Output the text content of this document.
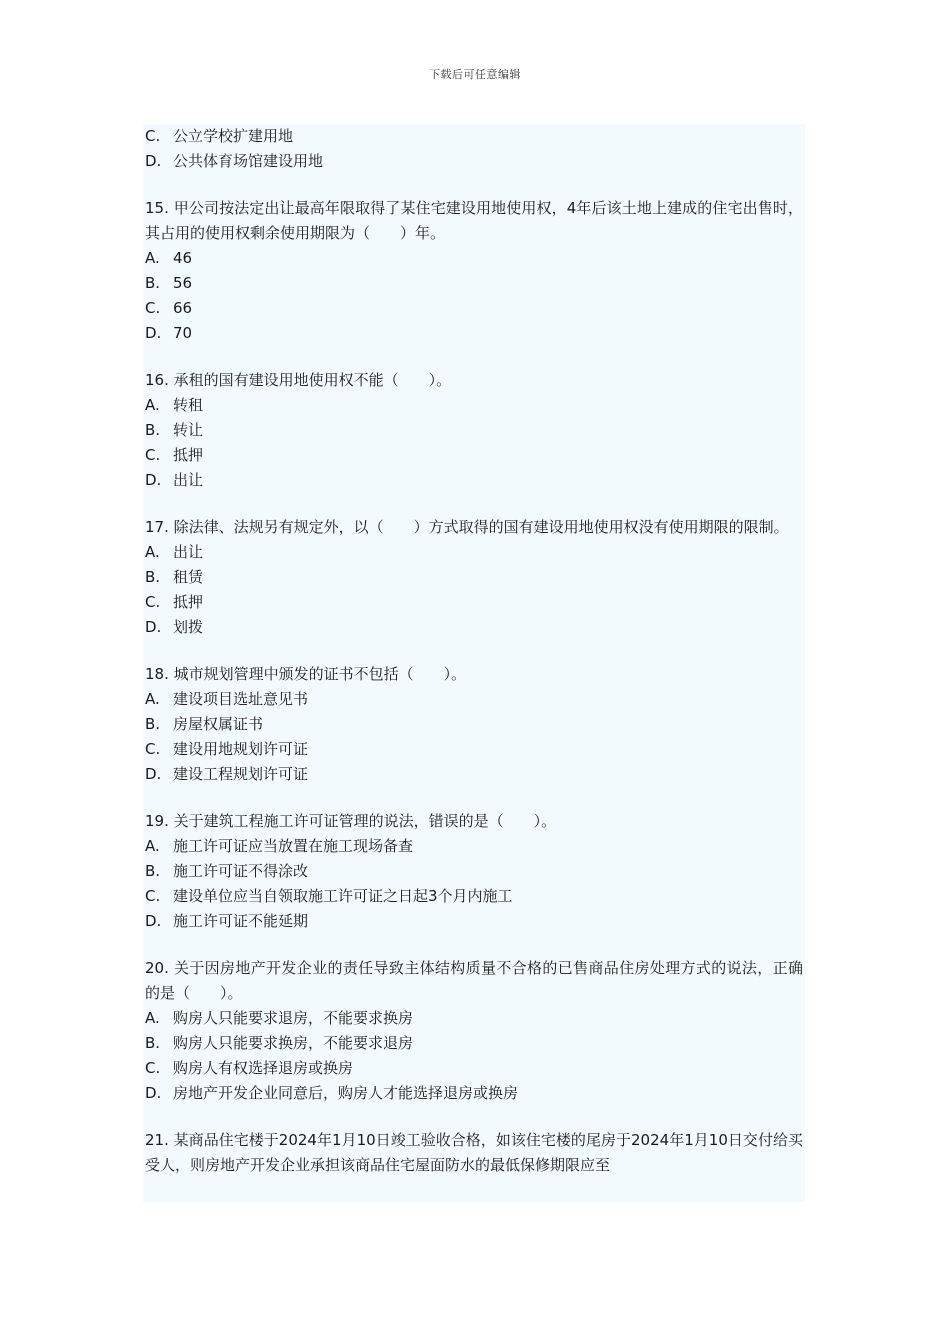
下载后可任意编辑
C. 公立学校扩建用地
D. 公共体育场馆建设用地
15. 甲公司按法定出让最高年限取得了某住宅建设用地使用权，4年后该土地上建成的住宅出售时，其占用的使用权剩余使用期限为（　　）年。
A. 46
B. 56
C. 66
D. 70
16. 承租的国有建设用地使用权不能（　　）。
A. 转租
B. 转让
C. 抵押
D. 出让
17. 除法律、法规另有规定外，以（　　）方式取得的国有建设用地使用权没有使用期限的限制。
A. 出让
B. 租赁
C. 抵押
D. 划拨
18. 城市规划管理中颁发的证书不包括（　　）。
A. 建设项目选址意见书
B. 房屋权属证书
C. 建设用地规划许可证
D. 建设工程规划许可证
19. 关于建筑工程施工许可证管理的说法，错误的是（　　）。
A. 施工许可证应当放置在施工现场备查
B. 施工许可证不得涂改
C. 建设单位应当自领取施工许可证之日起3个月内施工
D. 施工许可证不能延期
20. 关于因房地产开发企业的责任导致主体结构质量不合格的已售商品住房处理方式的说法，正确的是（　　）。
A. 购房人只能要求退房，不能要求换房
B. 购房人只能要求换房，不能要求退房
C. 购房人有权选择退房或换房
D. 房地产开发企业同意后，购房人才能选择退房或换房
21. 某商品住宅楼于2024年1月10日竣工验收合格，如该住宅楼的尾房于2024年1月10日交付给买受人，则房地产开发企业承担该商品住宅屋面防水的最低保修期限应至
